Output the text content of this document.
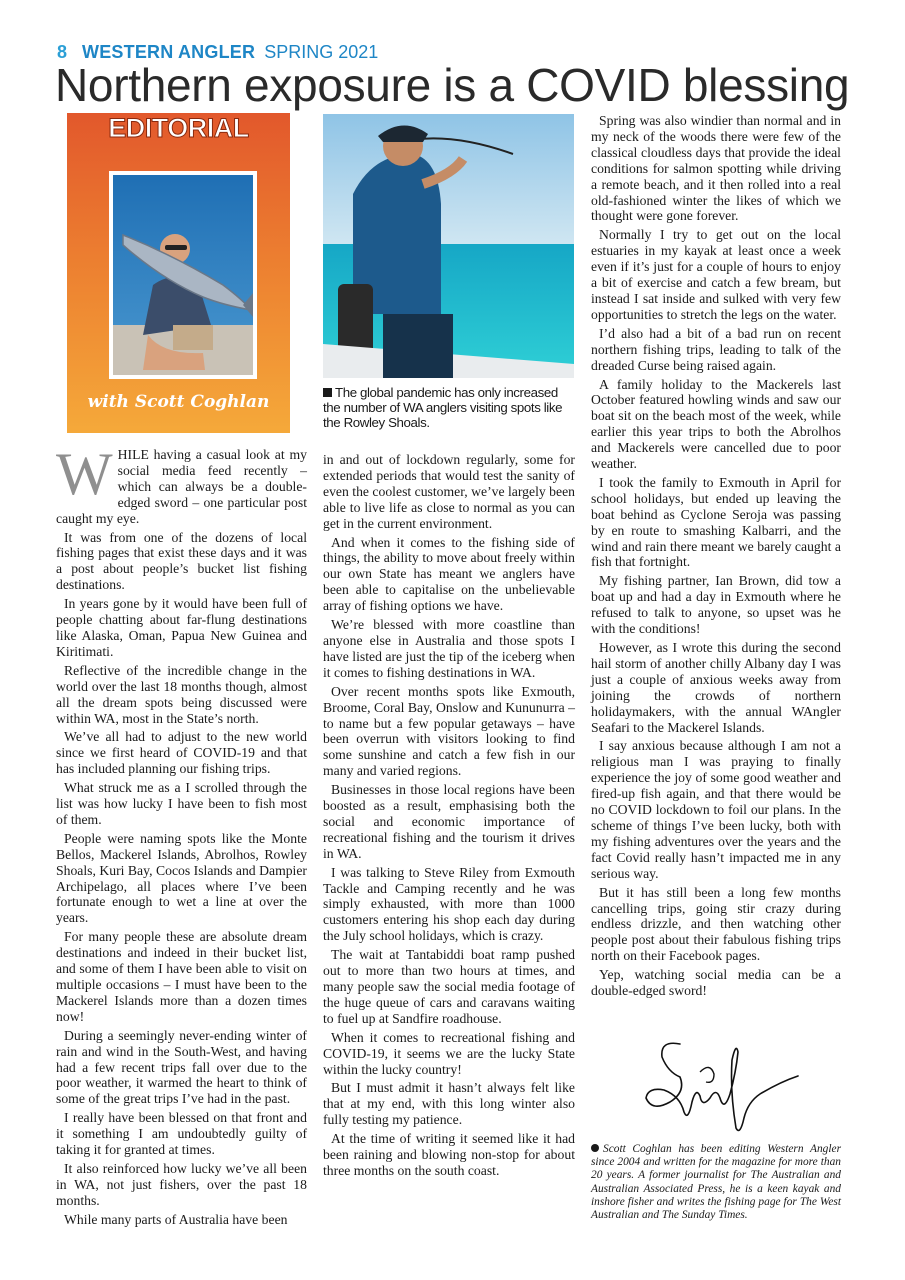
8 WESTERN ANGLER SPRING 2021
Northern exposure is a COVID blessing
EDITORIAL
with Scott Coghlan	The global pandemic has only increased the number of WA anglers visiting spots like the Rowley Shoals.

WHILE having a casual look at my social media feed recently – which can always be a double-edged sword – one particular post caught my eye.

It was from one of the dozens of local fishing pages that exist these days and it was a post about people’s bucket list fishing destinations.

In years gone by it would have been full of people chatting about far-flung destinations like Alaska, Oman, Papua New Guinea and Kiritimati.

Reflective of the incredible change in the world over the last 18 months though, almost all the dream spots being discussed were within WA, most in the State’s north.

We’ve all had to adjust to the new world since we first heard of COVID-19 and that has included planning our fishing trips.

What struck me as a I scrolled through the list was how lucky I have been to fish most of them.

People were naming spots like the Monte Bellos, Mackerel Islands, Abrolhos, Rowley Shoals, Kuri Bay, Cocos Islands and Dampier Archipelago, all places where I’ve been fortunate enough to wet a line at over the years.

For many people these are absolute dream destinations and indeed in their bucket list, and some of them I have been able to visit on multiple occasions – I must have been to the Mackerel Islands more than a dozen times now!

During a seemingly never-ending winter of rain and wind in the South-West, and having had a few recent trips fall over due to the poor weather, it warmed the heart to think of some of the great trips I’ve had in the past.

I really have been blessed on that front and it something I am undoubtedly guilty of taking it for granted at times.

It also reinforced how lucky we’ve all been in WA, not just fishers, over the past 18 months.

While many parts of Australia have been

in and out of lockdown regularly, some for extended periods that would test the sanity of even the coolest customer, we’ve largely been able to live life as close to normal as you can get in the current environment.

And when it comes to the fishing side of things, the ability to move about freely within our own State has meant we anglers have been able to capitalise on the unbelievable array of fishing options we have.

We’re blessed with more coastline than anyone else in Australia and those spots I have listed are just the tip of the iceberg when it comes to fishing destinations in WA.

Over recent months spots like Exmouth, Broome, Coral Bay, Onslow and Kununurra – to name but a few popular getaways – have been overrun with visitors looking to find some sunshine and catch a few fish in our many and varied regions.

Businesses in those local regions have been boosted as a result, emphasising both the social and economic importance of recreational fishing and the tourism it drives in WA.

I was talking to Steve Riley from Exmouth Tackle and Camping recently and he was simply exhausted, with more than 1000 customers entering his shop each day during the July school holidays, which is crazy.

The wait at Tantabiddi boat ramp pushed out to more than two hours at times, and many people saw the social media footage of the huge queue of cars and caravans waiting to fuel up at Sandfire roadhouse.

When it comes to recreational fishing and COVID-19, it seems we are the lucky State within the lucky country!

But I must admit it hasn’t always felt like that at my end, with this long winter also fully testing my patience.

At the time of writing it seemed like it had been raining and blowing non-stop for about three months on the south coast.

Spring was also windier than normal and in my neck of the woods there were few of the classical cloudless days that provide the ideal conditions for salmon spotting while driving a remote beach, and it then rolled into a real old-fashioned winter the likes of which we thought were gone forever.

Normally I try to get out on the local estuaries in my kayak at least once a week even if it’s just for a couple of hours to enjoy a bit of exercise and catch a few bream, but instead I sat inside and sulked with very few opportunities to stretch the legs on the water.

I’d also had a bit of a bad run on recent northern fishing trips, leading to talk of the dreaded Curse being raised again.

A family holiday to the Mackerels last October featured howling winds and saw our boat sit on the beach most of the week, while earlier this year trips to both the Abrolhos and Mackerels were cancelled due to poor weather.

I took the family to Exmouth in April for school holidays, but ended up leaving the boat behind as Cyclone Seroja was passing by en route to smashing Kalbarri, and the wind and rain there meant we barely caught a fish that fortnight.

My fishing partner, Ian Brown, did tow a boat up and had a day in Exmouth where he refused to talk to anyone, so upset was he with the conditions!

However, as I wrote this during the second hail storm of another chilly Albany day I was just a couple of anxious weeks away from joining the crowds of northern holidaymakers, with the annual WAngler Seafari to the Mackerel Islands.

I say anxious because although I am not a religious man I was praying to finally experience the joy of some good weather and fired-up fish again, and that there would be no COVID lockdown to foil our plans. In the scheme of things I’ve been lucky, both with my fishing adventures over the years and the fact Covid really hasn’t impacted me in any serious way.

But it has still been a long few months cancelling trips, going stir crazy during endless drizzle, and then watching other people post about their fabulous fishing trips north on their Facebook pages.

Yep, watching social media can be a double-edged sword!

Scott Coghlan has been editing Western Angler since 2004 and written for the magazine for more than 20 years. A former journalist for The Australian and Australian Associated Press, he is a keen kayak and inshore fisher and writes the fishing page for The West Australian and The Sunday Times.
